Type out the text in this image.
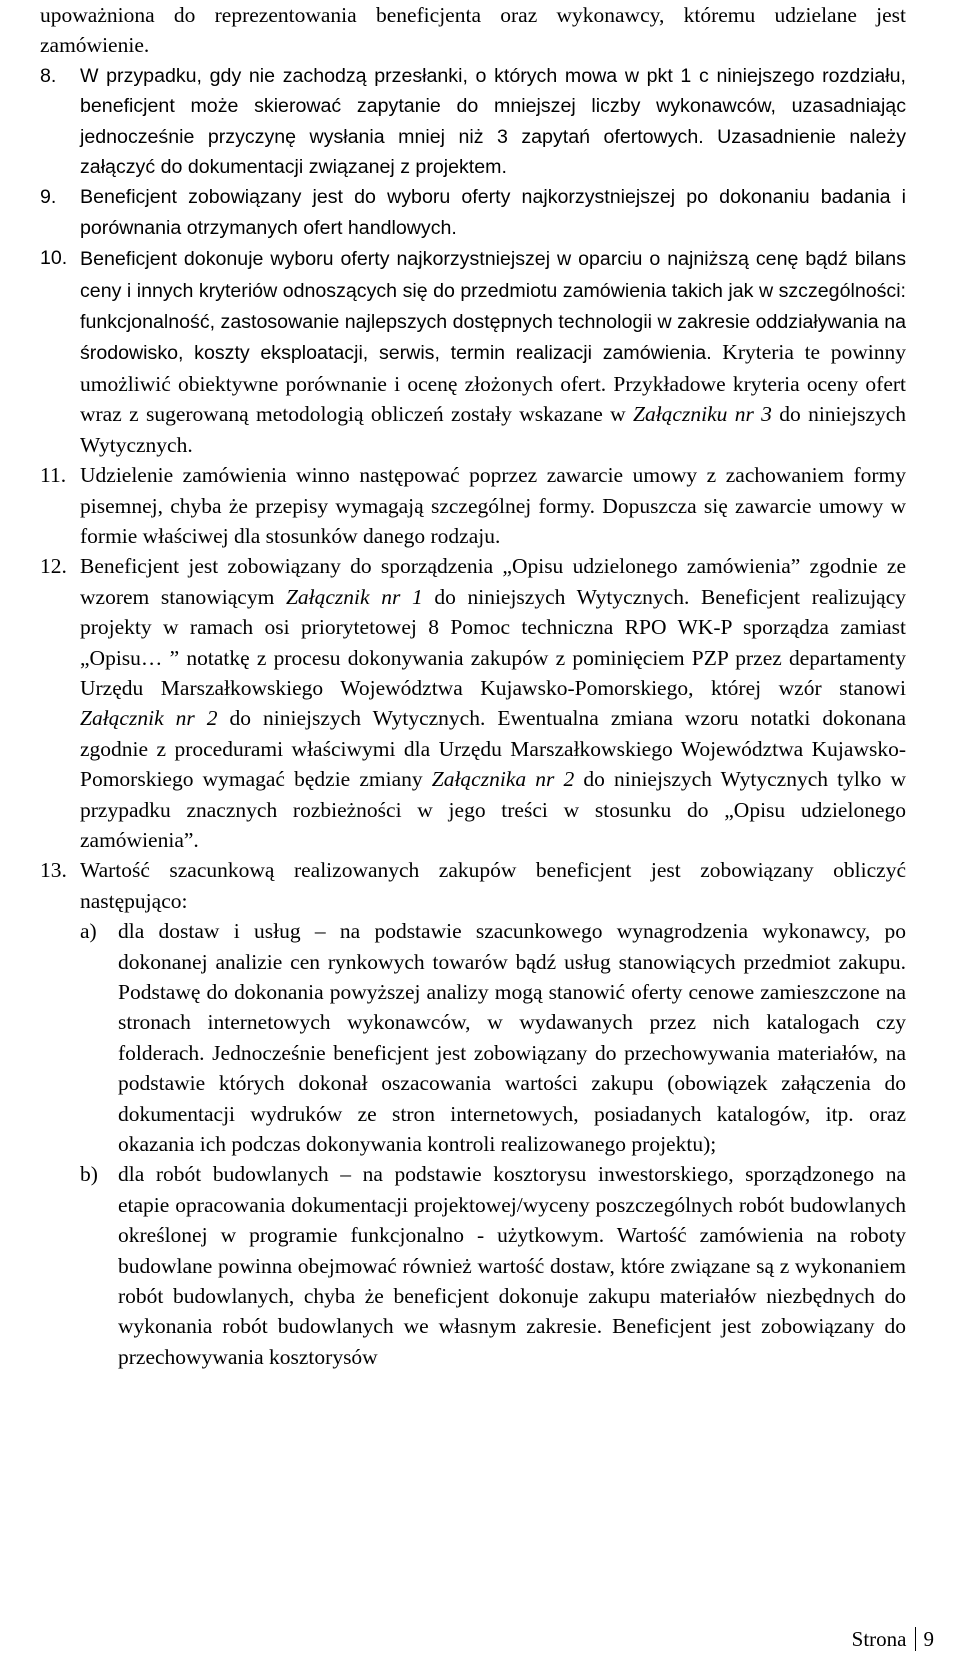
upoważniona do reprezentowania beneficjenta oraz wykonawcy, któremu udzielane jest zamówienie.

8.	W przypadku, gdy nie zachodzą przesłanki, o których mowa w pkt 1 c niniejszego rozdziału, beneficjent może skierować zapytanie do mniejszej liczby wykonawców, uzasadniając jednocześnie przyczynę wysłania mniej niż 3 zapytań ofertowych. Uzasadnienie należy załączyć do dokumentacji związanej z projektem.

9.	Beneficjent zobowiązany jest do wyboru oferty najkorzystniejszej po dokonaniu badania i porównania otrzymanych ofert handlowych.

10. Beneficjent dokonuje wyboru oferty najkorzystniejszej w oparciu o najniższą cenę bądź bilans ceny i innych kryteriów odnoszących się do przedmiotu zamówienia takich jak w szczególności: funkcjonalność, zastosowanie najlepszych dostępnych technologii w zakresie oddziaływania na środowisko, koszty eksploatacji, serwis, termin realizacji zamówienia. Kryteria te powinny umożliwić obiektywne porównanie i ocenę złożonych ofert. Przykładowe kryteria oceny ofert wraz z sugerowaną metodologią obliczeń zostały wskazane w Załączniku nr 3 do niniejszych Wytycznych.

11. Udzielenie zamówienia winno następować poprzez zawarcie umowy z zachowaniem formy pisemnej, chyba że przepisy wymagają szczególnej formy. Dopuszcza się zawarcie umowy w formie właściwej dla stosunków danego rodzaju.

12. Beneficjent jest zobowiązany do sporządzenia „Opisu udzielonego zamówienia” zgodnie ze wzorem stanowiącym Załącznik nr 1 do niniejszych Wytycznych. Beneficjent realizujący projekty w ramach osi priorytetowej 8 Pomoc techniczna RPO WK-P sporządza zamiast „Opisu… ” notatkę z procesu dokonywania zakupów z pominięciem PZP przez departamenty Urzędu Marszałkowskiego Województwa Kujawsko-Pomorskiego, której wzór stanowi Załącznik nr 2 do niniejszych Wytycznych. Ewentualna zmiana wzoru notatki dokonana zgodnie z procedurami właściwymi dla Urzędu Marszałkowskiego Województwa Kujawsko-Pomorskiego wymagać będzie zmiany Załącznika nr 2 do niniejszych Wytycznych tylko w przypadku znacznych rozbieżności w jego treści w stosunku do „Opisu udzielonego zamówienia”.

13. Wartość szacunkową realizowanych zakupów beneficjent jest zobowiązany obliczyć następująco:

a) dla dostaw i usług – na podstawie szacunkowego wynagrodzenia wykonawcy, po dokonanej analizie cen rynkowych towarów bądź usług stanowiących przedmiot zakupu. Podstawę do dokonania powyższej analizy mogą stanowić oferty cenowe zamieszczone na stronach internetowych wykonawców, w wydawanych przez nich katalogach czy folderach. Jednocześnie beneficjent jest zobowiązany do przechowywania materiałów, na podstawie których dokonał oszacowania wartości zakupu (obowiązek załączenia do dokumentacji wydruków ze stron internetowych, posiadanych katalogów, itp. oraz okazania ich podczas dokonywania kontroli realizowanego projektu);

b) dla robót budowlanych – na podstawie kosztorysu inwestorskiego, sporządzonego na etapie opracowania dokumentacji projektowej/wyceny poszczególnych robót budowlanych określonej w programie funkcjonalno - użytkowym. Wartość zamówienia na roboty budowlane powinna obejmować również wartość dostaw, które związane są z wykonaniem robót budowlanych, chyba że beneficjent dokonuje zakupu materiałów niezbędnych do wykonania robót budowlanych we własnym zakresie. Beneficjent jest zobowiązany do przechowywania kosztorysów

Strona 9
